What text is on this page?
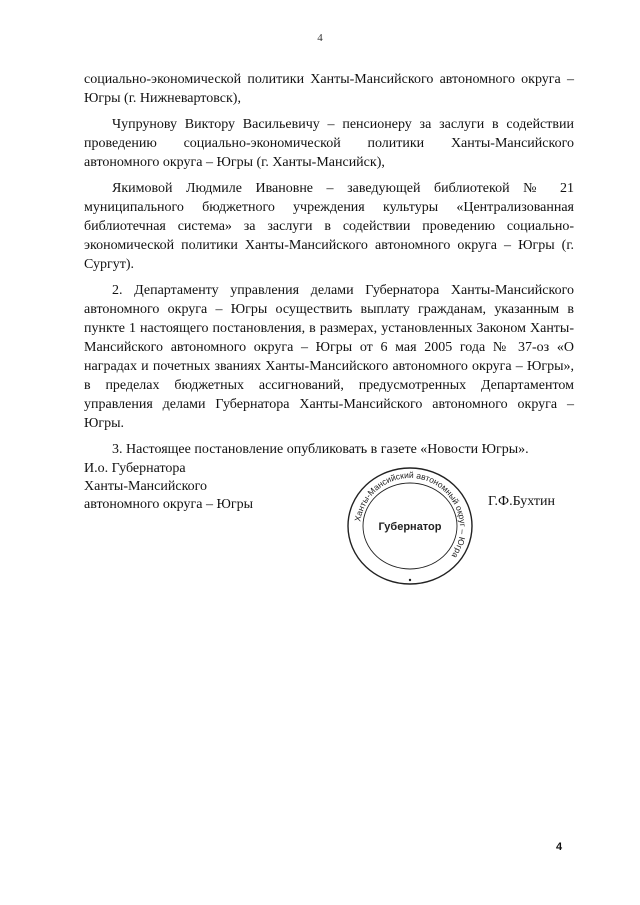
4

социально-экономической политики Ханты-Мансийского автономного округа – Югры (г. Нижневартовск),

Чупрунову Виктору Васильевичу – пенсионеру за заслуги в содействии проведению социально-экономической политики Ханты-Мансийского автономного округа – Югры (г. Ханты-Мансийск),

Якимовой Людмиле Ивановне – заведующей библиотекой № 21 муниципального бюджетного учреждения культуры «Централизованная библиотечная система» за заслуги в содействии проведению социально-экономической политики Ханты-Мансийского автономного округа – Югры (г. Сургут).

2. Департаменту управления делами Губернатора Ханты-Мансийского автономного округа – Югры осуществить выплату гражданам, указанным в пункте 1 настоящего постановления, в размерах, установленных Законом Ханты-Мансийского автономного округа – Югры от 6 мая 2005 года № 37-оз «О наградах и почетных званиях Ханты-Мансийского автономного округа – Югры», в пределах бюджетных ассигнований, предусмотренных Департаментом управления делами Губернатора Ханты-Мансийского автономного округа – Югры.

3. Настоящее постановление опубликовать в газете «Новости Югры».

И.о. Губернатора
Ханты-Мансийского
автономного округа – Югры
Ханты-Мансийский автономный округ – Югра
Губернатор
Г.Ф.Бухтин
4
